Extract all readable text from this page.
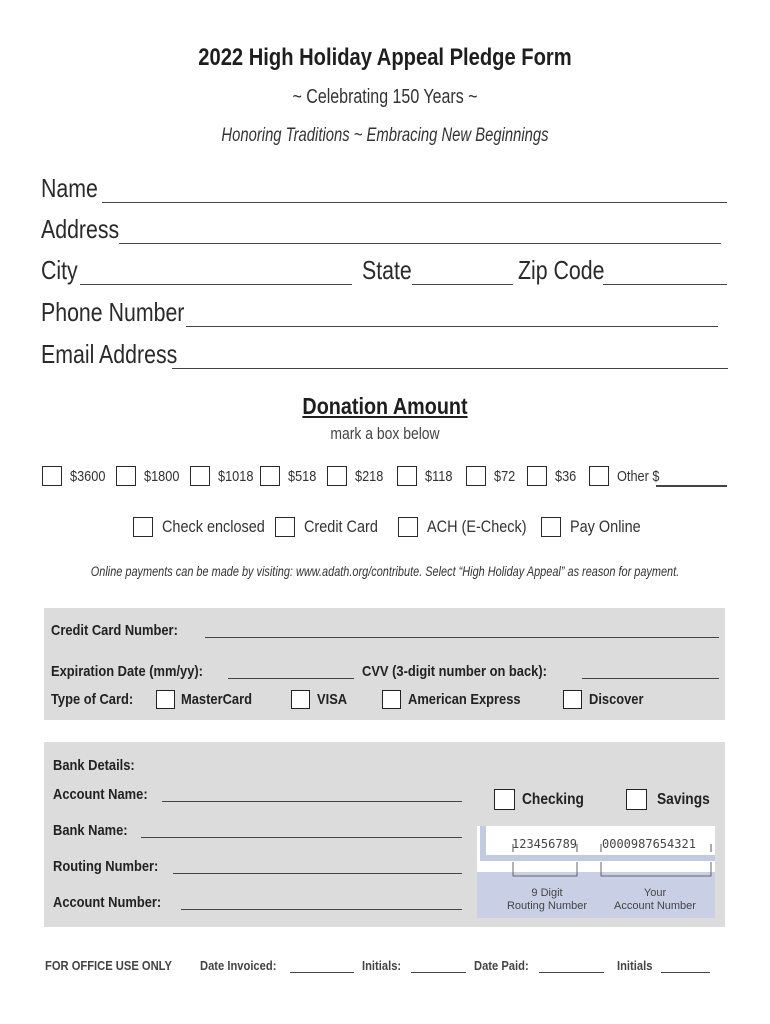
2022 High Holiday Appeal Pledge Form
~ Celebrating 150 Years ~
Honoring Traditions ~ Embracing New Beginnings
Name
Address
City	State	Zip Code
Phone Number
Email Address
Donation Amount
mark a box below
$3600	$1800	$1018 $518	$218	$118	$72	$36	Other $
Check enclosed Credit Card	ACH (E-Check)	Pay Online
Online payments can be made by visiting: www.adath.org/contribute. Select “High Holiday Appeal” as reason for payment.
Credit Card Number:
Expiration Date (mm/yy):	CVV (3-digit number on back):
Type of Card:	MasterCard	VISA	American Express	Discover
Bank Details:
Account Name:
Bank Name:
Routing Number:
Account Number:
Checking	Savings
123456789 0000987654321
9 Digit
Routing Number
Your
Account Number
FOR OFFICE USE ONLY Date Invoiced:	Initials:	Date Paid:	Initials
